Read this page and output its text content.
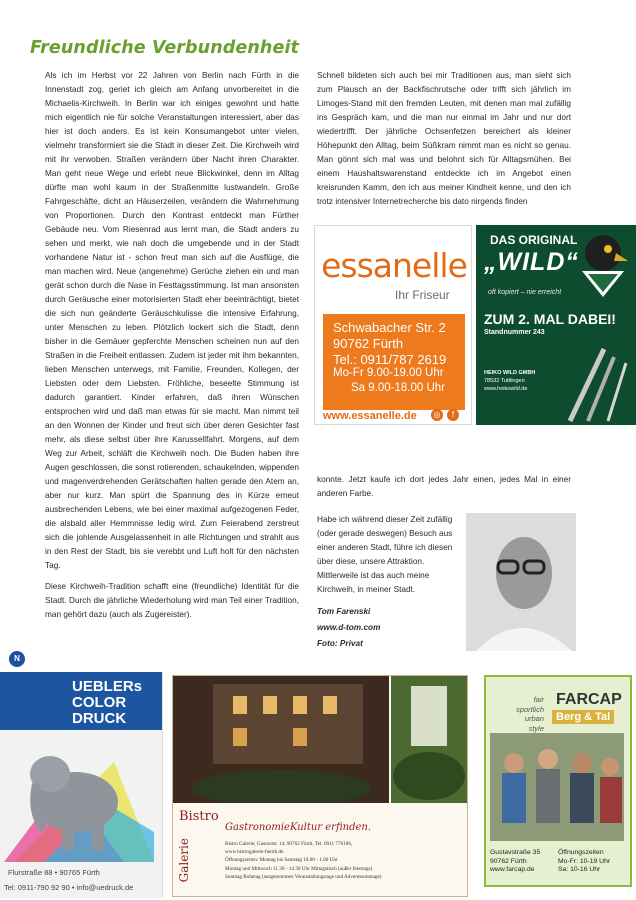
Freundliche Verbundenheit

Als ich im Herbst vor 22 Jahren von Berlin nach Fürth in die Innenstadt zog, geriet ich gleich am Anfang unvorbereitet in die Michaelis-Kirchweih. In Berlin war ich einiges gewohnt und hatte mich eigentlich nie für solche Veranstaltungen interessiert, aber das hier ist doch anders. Es ist kein Konsumangebot unter vielen, vielmehr transformiert sie die Stadt in dieser Zeit. Die Kirchweih wird mit ihr verwoben. Straßen verändern über Nacht ihren Charakter. Man geht neue Wege und erlebt neue Blickwinkel, denn im Alltag dürfte man wohl kaum in der Straßenmitte lustwandeln. Große Fahrgeschäfte, dicht an Häuserzeilen, verändern die Wahrnehmung von Proportionen. Durch den Kontrast entdeckt man Fürther Gebäude neu. Vom Riesenrad aus lernt man, die Stadt anders zu sehen und merkt, wie nah doch die umgebende und in der Stadt vorhandene Natur ist - schon freut man sich auf die Ausflüge, die man machen wird. Neue (angenehme) Gerüche ziehen ein und man gerät schon durch die Nase in Festtagsstimmung. Ist man ansonsten durch Geräusche einer motorisierten Stadt eher beeinträchtigt, bietet die sich nun geänderte Geräuschkulisse die intensive Erfahrung, unter Menschen zu leben. Plötzlich lockert sich die Stadt, denn bisher in die Gemäuer gepferchte Menschen scheinen nun auf den Straßen in die Freiheit entlassen. Zudem ist jeder mit ihm bekannten, lieben Menschen unterwegs, mit Familie, Freunden, Kollegen, der Liebsten oder dem Liebsten. Fröhliche, beseelte Stimmung ist dadurch garantiert. Kinder erfahren, daß ihren Wünschen entsprochen wird und daß man etwas für sie macht. Man nimmt teil an den Wonnen der Kinder und freut sich über deren Gesichter fast mehr, als diese selbst über ihre Karussellfahrt. Morgens, auf dem Weg zur Arbeit, schläft die Kirchweih noch. Die Buden haben ihre Augen geschlossen, die sonst rotierenden, schaukelnden, wippenden und magenverdrehenden Gerätschaften halten gerade den Atem an, aber nur kurz. Man spürt die Spannung des in Kürze erneut ausbrechenden Lebens, wie bei einer maximal aufgezogenen Feder, die alsbald aller Hemmnisse ledig wird. Zum Feierabend zerstreut sich die johlende Ausgelassenheit in alle Richtungen und strahlt aus in den Rest der Stadt, bis sie verebbt und Luft holt für den nächsten Tag.

Diese Kirchweih-Tradition schafft eine (freundliche) Identität für die Stadt. Durch die jährliche Wiederholung wird man Teil einer Tradition, man gehört dazu (auch als Zugereister).

Schnell bildeten sich auch bei mir Traditionen aus, man sieht sich zum Plausch an der Backfischrutsche oder trifft sich jährlich im Limoges-Stand mit den fremden Leuten, mit denen man mal zufällig ins Gespräch kam, und die man nur einmal im Jahr und nur dort wiedertrifft. Der jährliche Ochsenfetzen bereichert als kleiner Höhepunkt den Alltag, beim Süßkram nimmt man es nicht so genau. Man gönnt sich mal was und belohnt sich für Alltagsmühen. Bei einem Haushaltswarenstand entdeckte ich im Angebot einen kreisrunden Kamm, den ich aus meiner Kindheit kenne, und den ich trotz intensiver Internetrecherche bis dato nirgends finden

essanelle
Ihr Friseur
Schwabacher Str. 2
90762 Fürth
Tel.: 0911/787 2619
Mo-Fr 9.00-19.00 Uhr
Sa 9.00-18.00 Uhr
www.essanelle.de	◎	f
DAS ORIGINAL
„WILD“
oft kopiert – nie erreicht
ZUM 2. MAL DABEI!
Standnummer 243
HEIKO WILD GMBH
78532 Tuttlingen
www.heikowild.de

konnte. Jetzt kaufe ich dort jedes Jahr einen, jedes Mal in einer anderen Farbe.

Habe ich während dieser Zeit zufällig (oder gerade deswegen) Besuch aus einer anderen Stadt, führe ich diesen über diese, unsere Attraktion. Mittlerweile ist das auch meine Kirchweih, in meiner Stadt.

Tom Farenski
www.d-tom.com
Foto: Privat
N
UEBLERs
COLOR
DRUCK
Flurstraße 88 • 90765 Fürth
Tel: 0911-790 92 90 • info@uedruck.de
Bistro
Galerie
GastronomieKultur erfinden.
Bistro Galerie, Gustavstr. 14, 90762 Fürth, Tel. 0911 776186,
www.bistrogalerie-fuerth.de
Öffnungszeiten: Montag bis Samstag 18.00 - 1.00 Uhr
Montag und Mittwoch 11.30 - 14.30 Uhr Mittagstisch (außer feiertags)
Sonntag Ruhetag (ausgenommen Veranstaltungstage und Adventssonntage)
fair sportlich urban style
FARCAP
Berg & Tal
Gustavstraße 35
90762 Fürth
www.farcap.de
Öffnungszeiten
Mo-Fr: 10-19 Uhr
Sa: 10-16 Uhr
